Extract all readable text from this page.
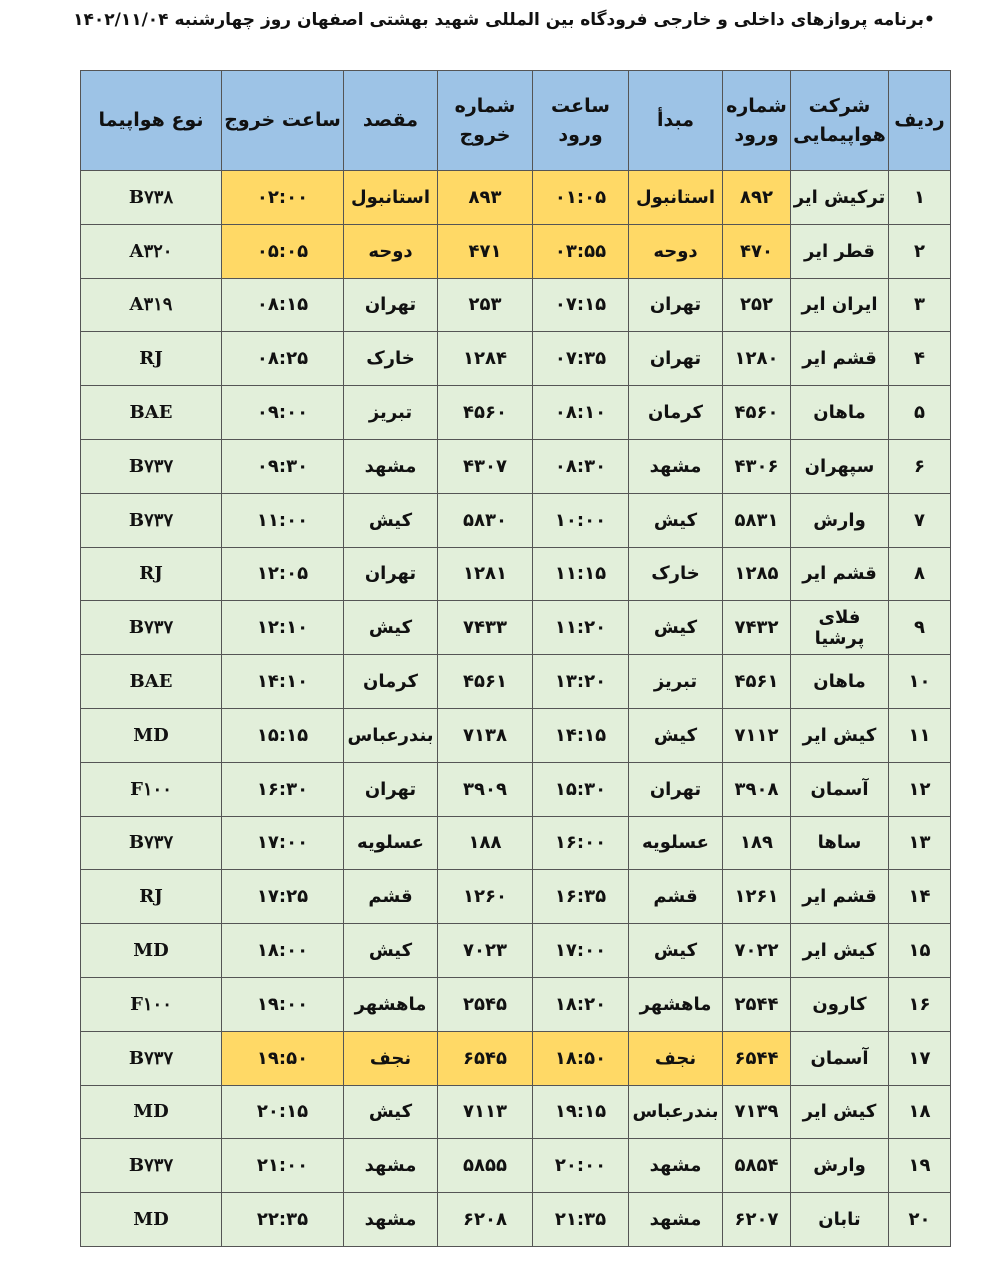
•برنامه پروازهای داخلی و خارجی فرودگاه بین المللی شهید بهشتی اصفهان روز چهارشنبه ۱۴۰۲/۱۱/۰۴
ردیف	شرکت هواپیمایی	شماره ورود	مبدأ	ساعت ورود	شماره خروج	مقصد	ساعت خروج	نوع هواپیما
۱	ترکیش ایر	۸۹۲	استانبول	۰۱:۰۵	۸۹۳	استانبول	۰۲:۰۰	B۷۳۸
۲	قطر ایر	۴۷۰	دوحه	۰۳:۵۵	۴۷۱	دوحه	۰۵:۰۵	A۳۲۰
۳	ایران ایر	۲۵۲	تهران	۰۷:۱۵	۲۵۳	تهران	۰۸:۱۵	A۳۱۹
۴	قشم ایر	۱۲۸۰	تهران	۰۷:۳۵	۱۲۸۴	خارک	۰۸:۲۵	RJ
۵	ماهان	۴۵۶۰	کرمان	۰۸:۱۰	۴۵۶۰	تبریز	۰۹:۰۰	BAE
۶	سپهران	۴۳۰۶	مشهد	۰۸:۳۰	۴۳۰۷	مشهد	۰۹:۳۰	B۷۳۷
۷	وارش	۵۸۳۱	کیش	۱۰:۰۰	۵۸۳۰	کیش	۱۱:۰۰	B۷۳۷
۸	قشم ایر	۱۲۸۵	خارک	۱۱:۱۵	۱۲۸۱	تهران	۱۲:۰۵	RJ
۹	فلای پرشیا	۷۴۳۲	کیش	۱۱:۲۰	۷۴۳۳	کیش	۱۲:۱۰	B۷۳۷
۱۰	ماهان	۴۵۶۱	تبریز	۱۳:۲۰	۴۵۶۱	کرمان	۱۴:۱۰	BAE
۱۱	کیش ایر	۷۱۱۲	کیش	۱۴:۱۵	۷۱۳۸	بندرعباس	۱۵:۱۵	MD
۱۲	آسمان	۳۹۰۸	تهران	۱۵:۳۰	۳۹۰۹	تهران	۱۶:۳۰	F۱۰۰
۱۳	ساها	۱۸۹	عسلویه	۱۶:۰۰	۱۸۸	عسلویه	۱۷:۰۰	B۷۳۷
۱۴	قشم ایر	۱۲۶۱	قشم	۱۶:۳۵	۱۲۶۰	قشم	۱۷:۲۵	RJ
۱۵	کیش ایر	۷۰۲۲	کیش	۱۷:۰۰	۷۰۲۳	کیش	۱۸:۰۰	MD
۱۶	کارون	۲۵۴۴	ماهشهر	۱۸:۲۰	۲۵۴۵	ماهشهر	۱۹:۰۰	F۱۰۰
۱۷	آسمان	۶۵۴۴	نجف	۱۸:۵۰	۶۵۴۵	نجف	۱۹:۵۰	B۷۳۷
۱۸	کیش ایر	۷۱۳۹	بندرعباس	۱۹:۱۵	۷۱۱۳	کیش	۲۰:۱۵	MD
۱۹	وارش	۵۸۵۴	مشهد	۲۰:۰۰	۵۸۵۵	مشهد	۲۱:۰۰	B۷۳۷
۲۰	تابان	۶۲۰۷	مشهد	۲۱:۳۵	۶۲۰۸	مشهد	۲۲:۳۵	MD
